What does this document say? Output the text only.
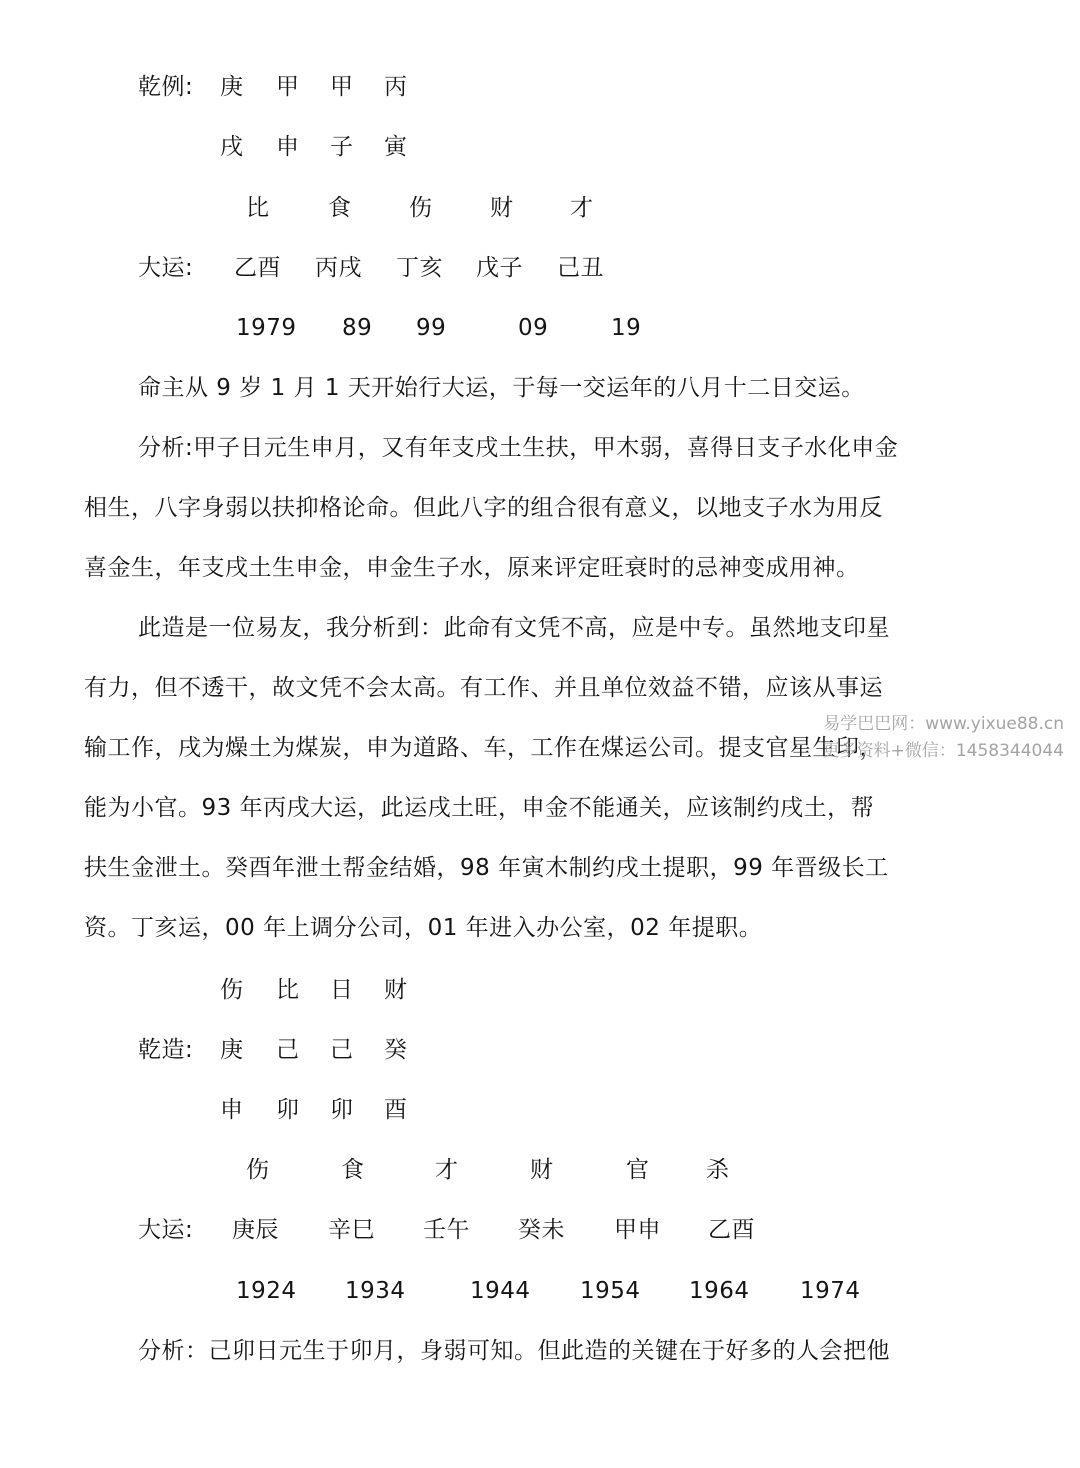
乾例: 庚 甲 甲 丙
戌 申 子 寅
比	食	伤	财 才
大运: 乙酉 丙戌 丁亥 戊子 己丑
1979 89 99	09	19
命主从 9 岁 1 月 1 天开始行大运，于每一交运年的八月十二日交运。
分析:甲子日元生申月，又有年支戌土生扶，甲木弱，喜得日支子水化申金
相生，八字身弱以扶抑格论命。但此八字的组合很有意义，以地支子水为用反
喜金生，年支戌土生申金，申金生子水，原来评定旺衰时的忌神变成用神。
此造是一位易友，我分析到：此命有文凭不高，应是中专。虽然地支印星
有力，但不透干，故文凭不会太高。有工作、并且单位效益不错，应该从事运
输工作，戌为燥土为煤炭，申为道路、车，工作在煤运公司。提支官星生印，
能为小官。93 年丙戌大运，此运戌土旺，申金不能通关，应该制约戌土，帮
扶生金泄土。癸酉年泄土帮金结婚，98 年寅木制约戌土提职，99 年晋级长工
资。丁亥运，00 年上调分公司，01 年进入办公室，02 年提职。
伤 比 日 财
乾造: 庚 己 己 癸
申 卯 卯 酉
伤	食	才	财	官 杀
大运: 庚辰 辛巳 壬午 癸未 甲申 乙酉
1924 1934	1944 1954 1964 1974
分析：己卯日元生于卯月，身弱可知。但此造的关键在于好多的人会把他
易学巴巴网：www.yixue88.cn
更多资料+微信：1458344044
